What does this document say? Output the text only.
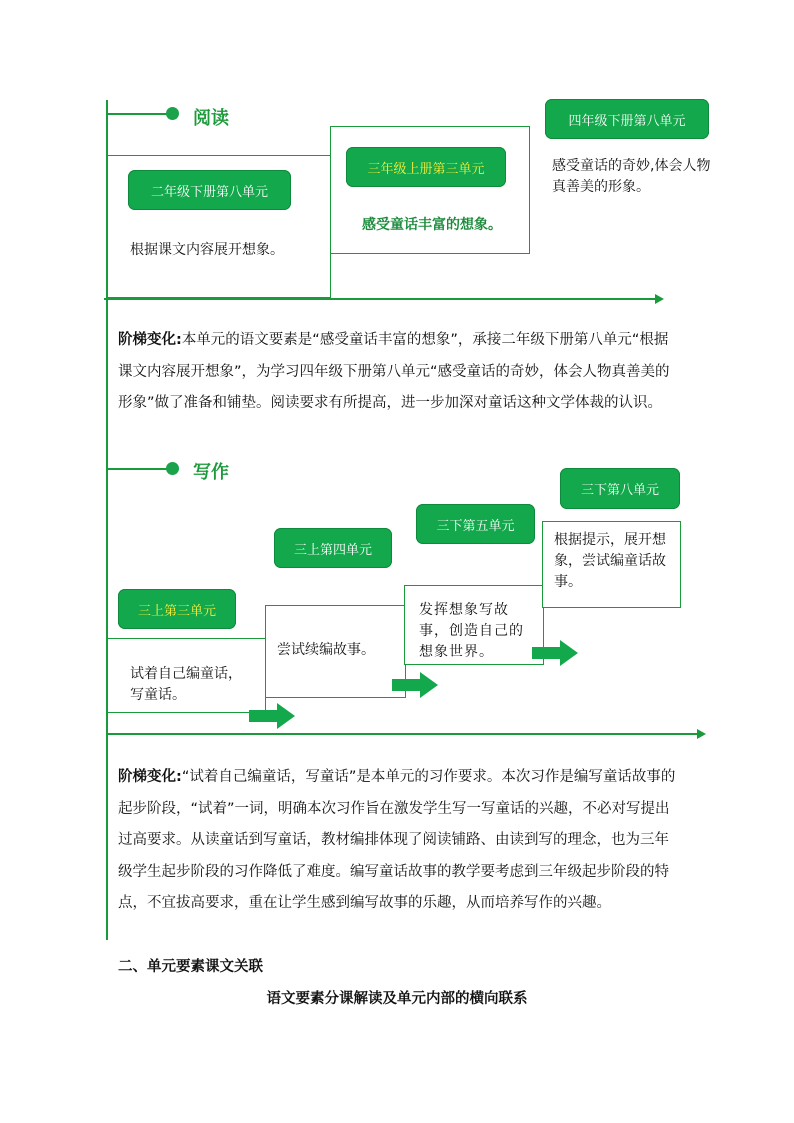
阅读
二年级下册第八单元
根据课文内容展开想象。
三年级上册第三单元
感受童话丰富的想象。
四年级下册第八单元
感受童话的奇妙,体会人物真善美的形象。
阶梯变化:本单元的语文要素是“感受童话丰富的想象”，承接二年级下册第八单元“根据课文内容展开想象”，为学习四年级下册第八单元“感受童话的奇妙，体会人物真善美的形象”做了准备和铺垫。阅读要求有所提高，进一步加深对童话这种文学体裁的认识。
写作
三上第三单元
试着自己编童话，写童话。
三上第四单元
尝试续编故事。
三下第五单元
发挥想象写故事，创造自己的想象世界。
三下第八单元
根据提示，展开想象，尝试编童话故事。
阶梯变化:“试着自己编童话，写童话”是本单元的习作要求。本次习作是编写童话故事的起步阶段，“试着”一词，明确本次习作旨在激发学生写一写童话的兴趣，不必对写提出过高要求。从读童话到写童话，教材编排体现了阅读铺路、由读到写的理念，也为三年级学生起步阶段的习作降低了难度。编写童话故事的教学要考虑到三年级起步阶段的特点，不宜拔高要求，重在让学生感到编写故事的乐趣，从而培养写作的兴趣。
二、单元要素课文关联
语文要素分课解读及单元内部的横向联系
